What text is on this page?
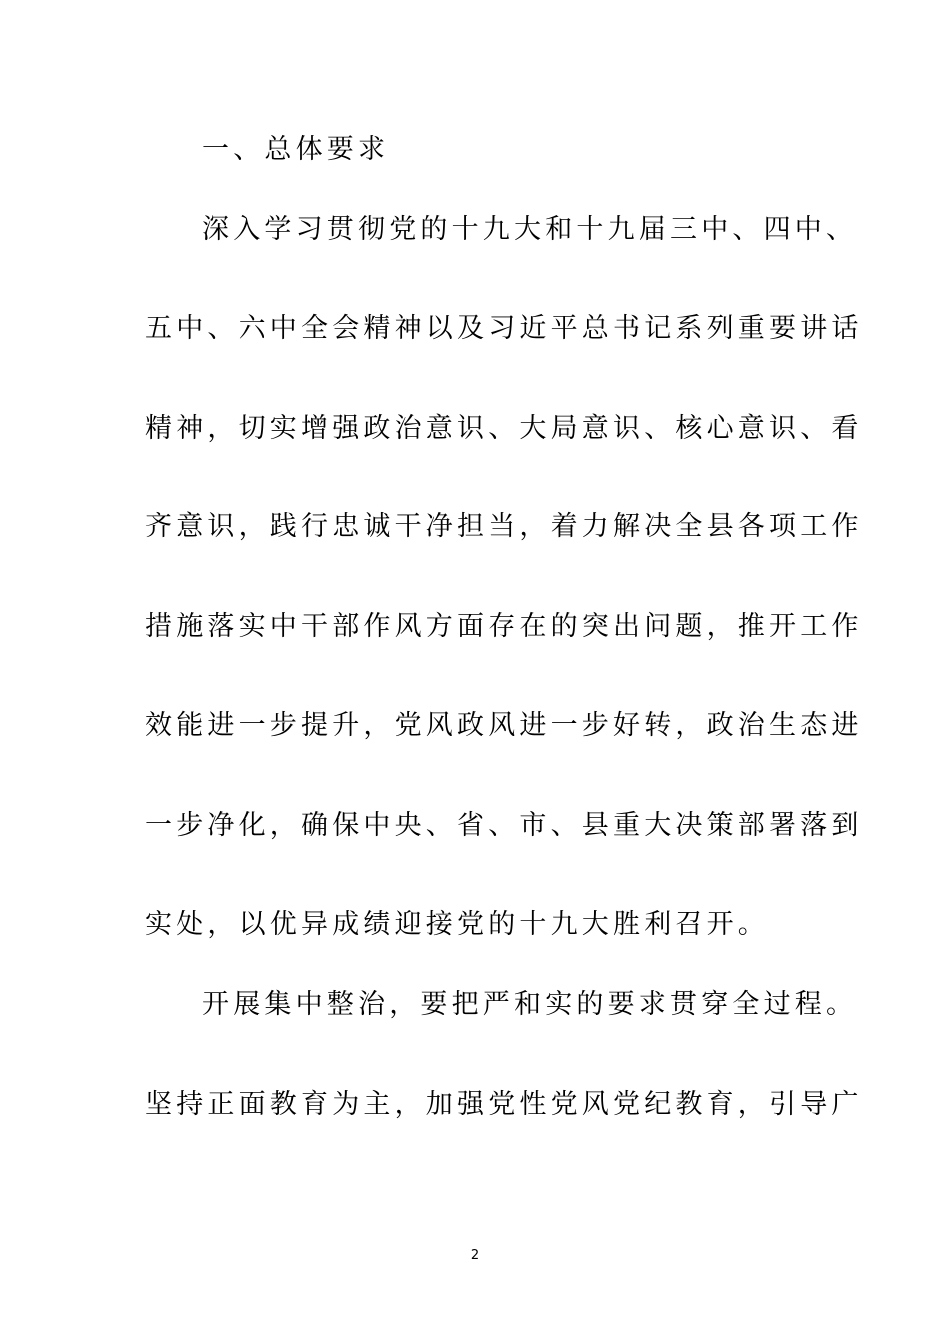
一、总体要求
深入学习贯彻党的十九大和十九届三中、四中、
五中、六中全会精神以及习近平总书记系列重要讲话
精神，切实增强政治意识、大局意识、核心意识、看
齐意识，践行忠诚干净担当，着力解决全县各项工作
措施落实中干部作风方面存在的突出问题，推开工作
效能进一步提升，党风政风进一步好转，政治生态进
一步净化，确保中央、省、市、县重大决策部署落到
实处，以优异成绩迎接党的十九大胜利召开。
开展集中整治，要把严和实的要求贯穿全过程。
坚持正面教育为主，加强党性党风党纪教育，引导广
2
